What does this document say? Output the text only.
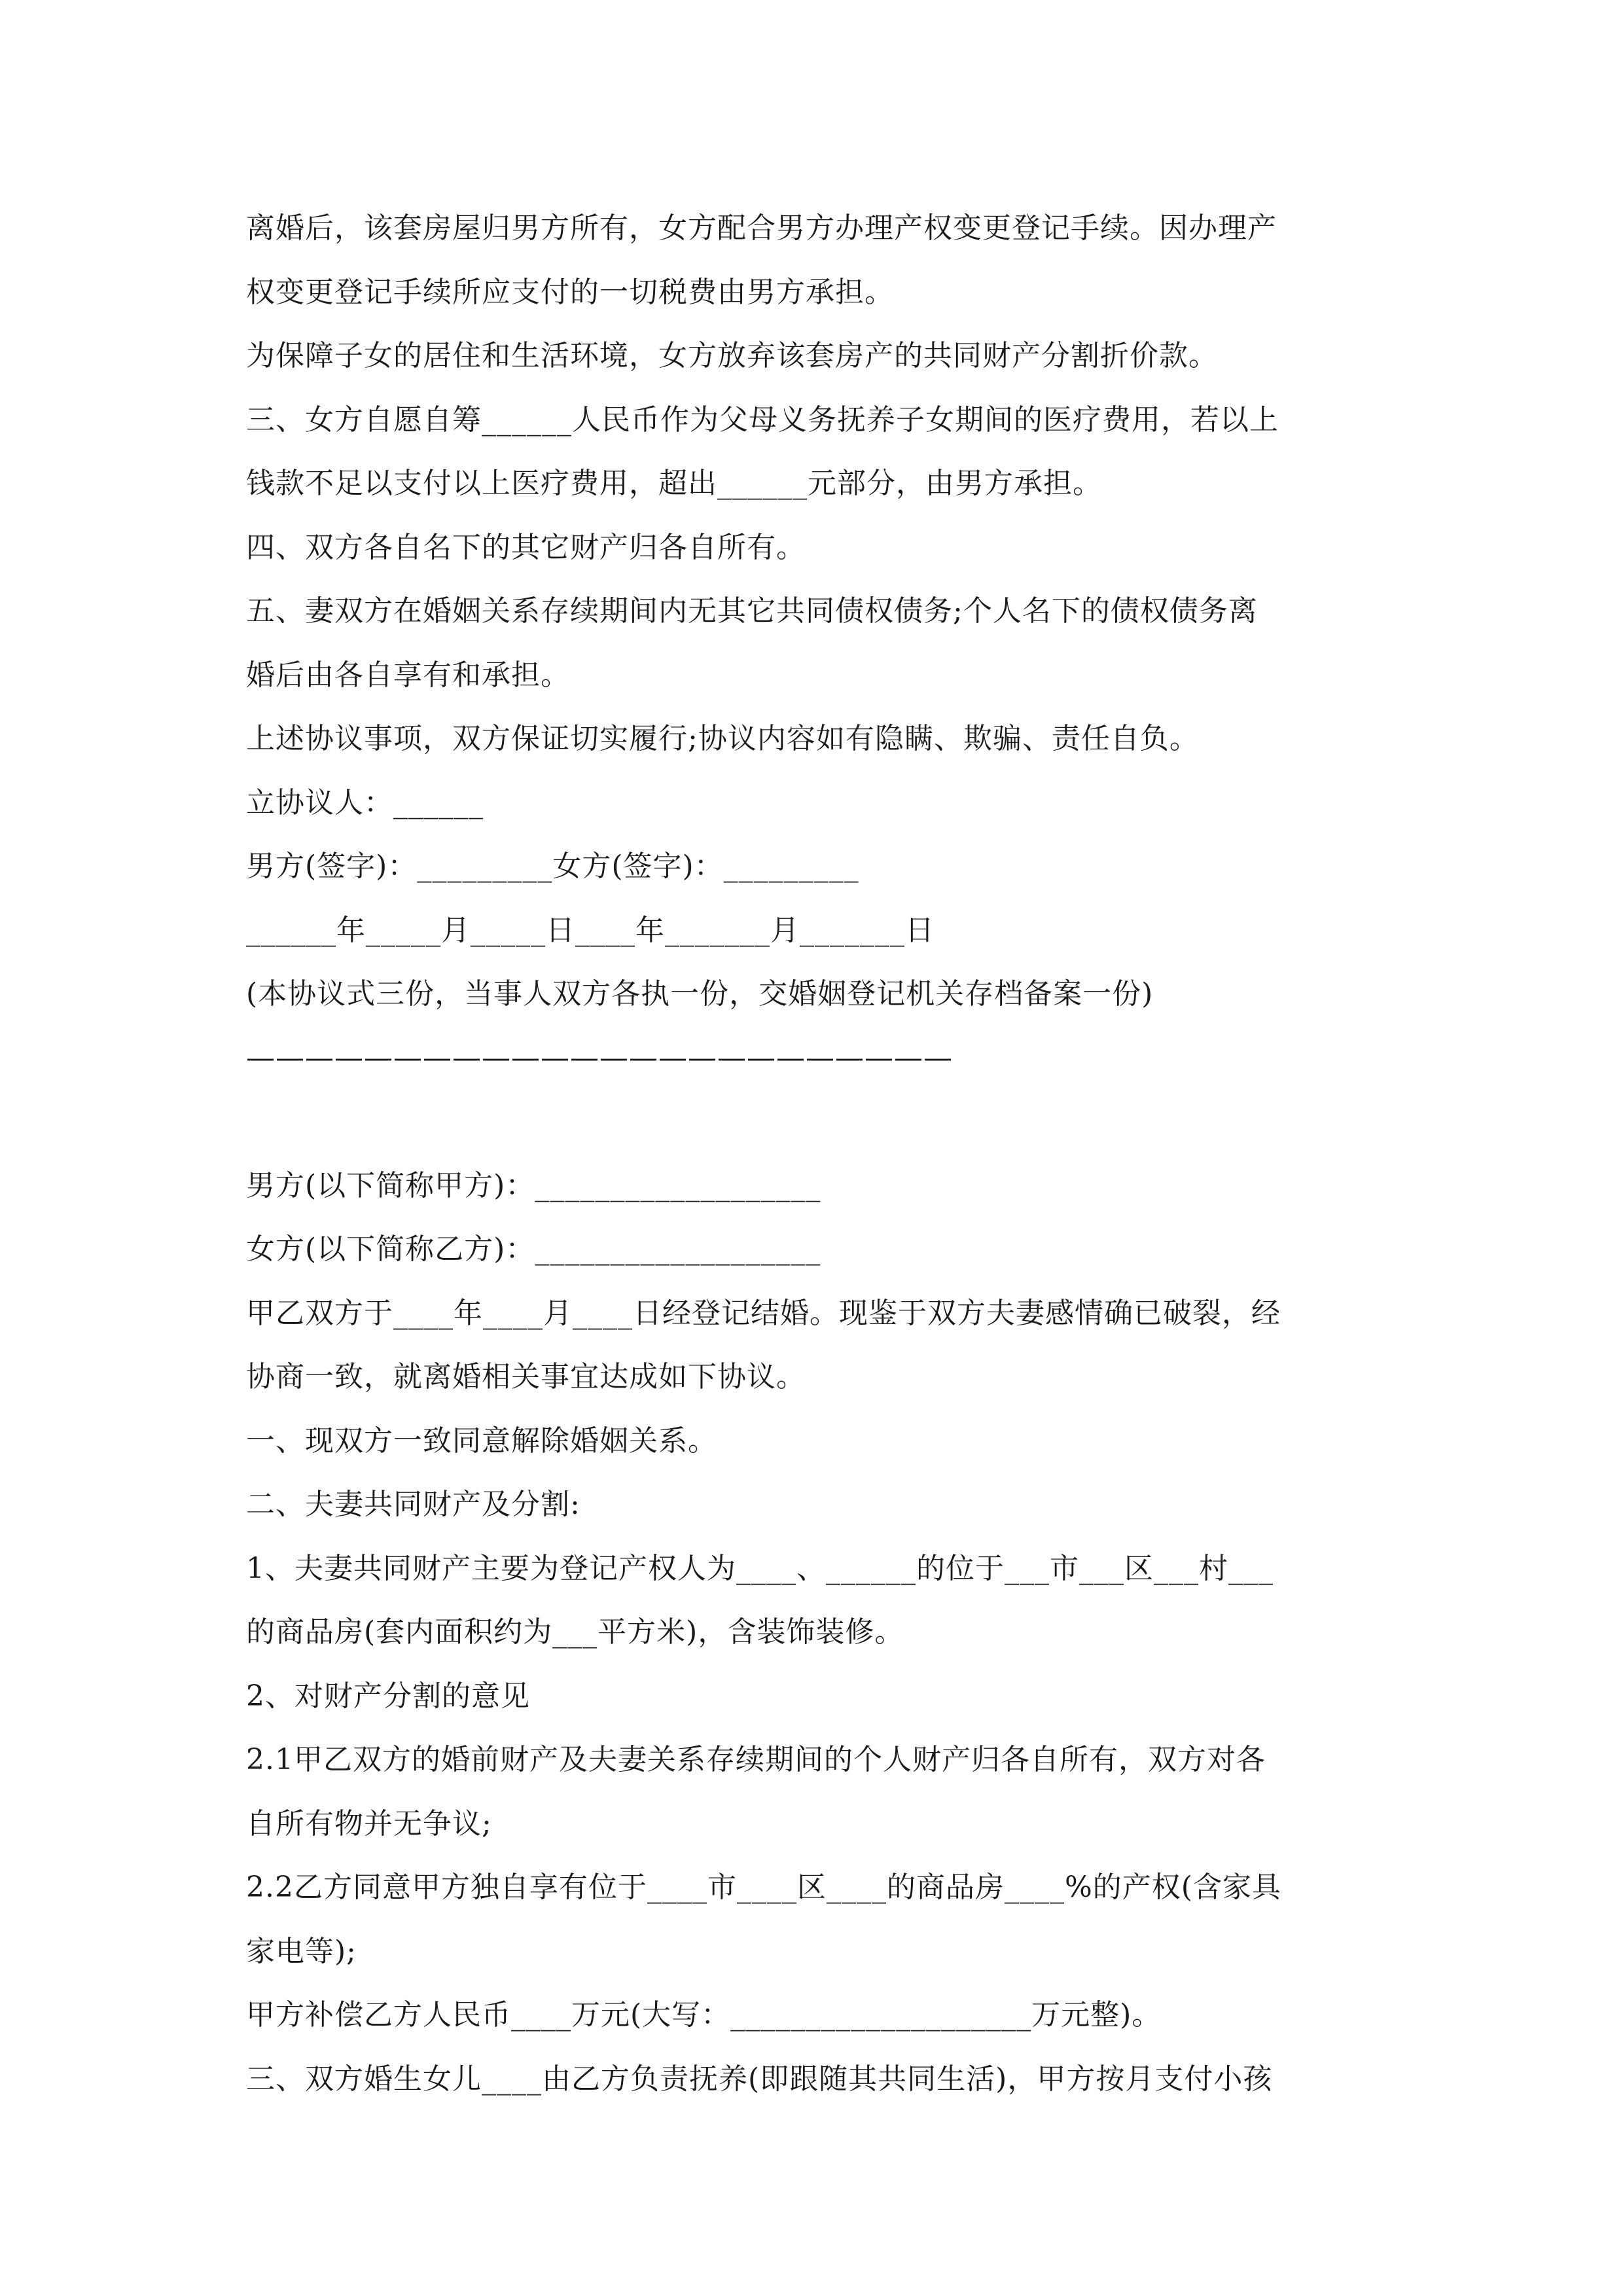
离婚后，该套房屋归男方所有，女方配合男方办理产权变更登记手续。因办理产
权变更登记手续所应支付的一切税费由男方承担。
为保障子女的居住和生活环境，女方放弃该套房产的共同财产分割折价款。
三、女方自愿自筹______人民币作为父母义务抚养子女期间的医疗费用，若以上
钱款不足以支付以上医疗费用，超出______元部分，由男方承担。
四、双方各自名下的其它财产归各自所有。
五、妻双方在婚姻关系存续期间内无其它共同债权债务;个人名下的债权债务离
婚后由各自享有和承担。
上述协议事项，双方保证切实履行;协议内容如有隐瞒、欺骗、责任自负。
立协议人：______
男方(签字)：_________女方(签字)：_________
______年_____月_____日____年_______月_______日
(本协议式三份，当事人双方各执一份，交婚姻登记机关存档备案一份)
————————————————————————
男方(以下简称甲方)：___________________
女方(以下简称乙方)：___________________
甲乙双方于____年____月____日经登记结婚。现鉴于双方夫妻感情确已破裂，经
协商一致，就离婚相关事宜达成如下协议。
一、现双方一致同意解除婚姻关系。
二、夫妻共同财产及分割:
1、夫妻共同财产主要为登记产权人为____、______的位于___市___区___村___
的商品房(套内面积约为___平方米)，含装饰装修。
2、对财产分割的意见
2.1甲乙双方的婚前财产及夫妻关系存续期间的个人财产归各自所有，双方对各
自所有物并无争议;
2.2乙方同意甲方独自享有位于____市____区____的商品房____%的产权(含家具
家电等);
甲方补偿乙方人民币____万元(大写：____________________万元整)。
三、双方婚生女儿____由乙方负责抚养(即跟随其共同生活)，甲方按月支付小孩
